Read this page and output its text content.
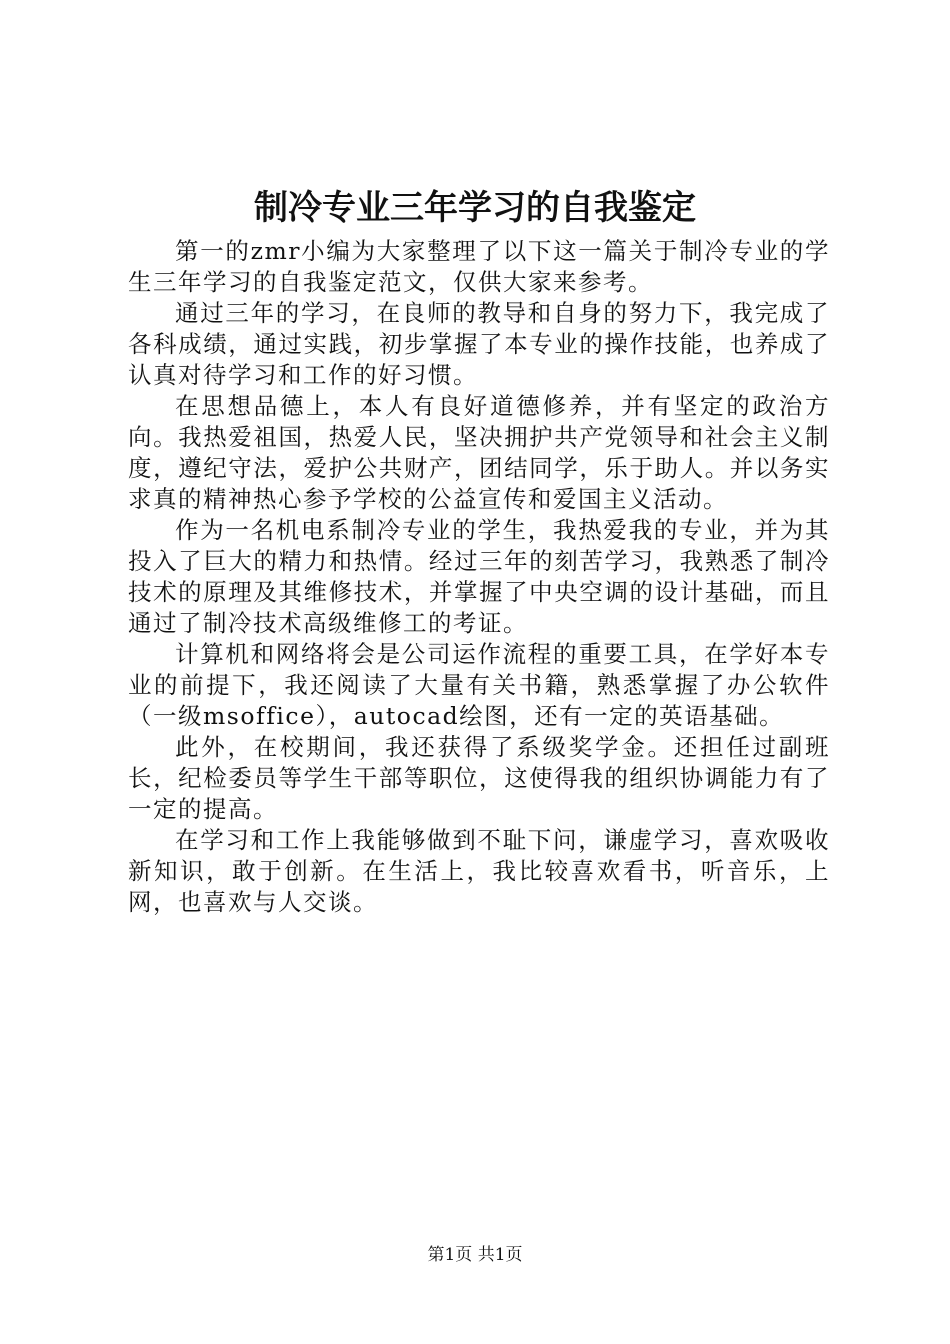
制冷专业三年学习的自我鉴定

第一的zmr小编为大家整理了以下这一篇关于制冷专业的学生三年学习的自我鉴定范文，仅供大家来参考。

通过三年的学习，在良师的教导和自身的努力下，我完成了各科成绩，通过实践，初步掌握了本专业的操作技能，也养成了认真对待学习和工作的好习惯。

在思想品德上，本人有良好道德修养，并有坚定的政治方向。我热爱祖国，热爱人民，坚决拥护共产党领导和社会主义制度，遵纪守法，爱护公共财产，团结同学，乐于助人。并以务实求真的精神热心参予学校的公益宣传和爱国主义活动。

作为一名机电系制冷专业的学生，我热爱我的专业，并为其投入了巨大的精力和热情。经过三年的刻苦学习，我熟悉了制冷技术的原理及其维修技术，并掌握了中央空调的设计基础，而且通过了制冷技术高级维修工的考证。

计算机和网络将会是公司运作流程的重要工具，在学好本专业的前提下，我还阅读了大量有关书籍，熟悉掌握了办公软件（一级msoffice），autocad绘图，还有一定的英语基础。

此外，在校期间，我还获得了系级奖学金。还担任过副班长，纪检委员等学生干部等职位，这使得我的组织协调能力有了一定的提高。

在学习和工作上我能够做到不耻下问，谦虚学习，喜欢吸收新知识，敢于创新。在生活上，我比较喜欢看书，听音乐，上网，也喜欢与人交谈。

第1页 共1页
